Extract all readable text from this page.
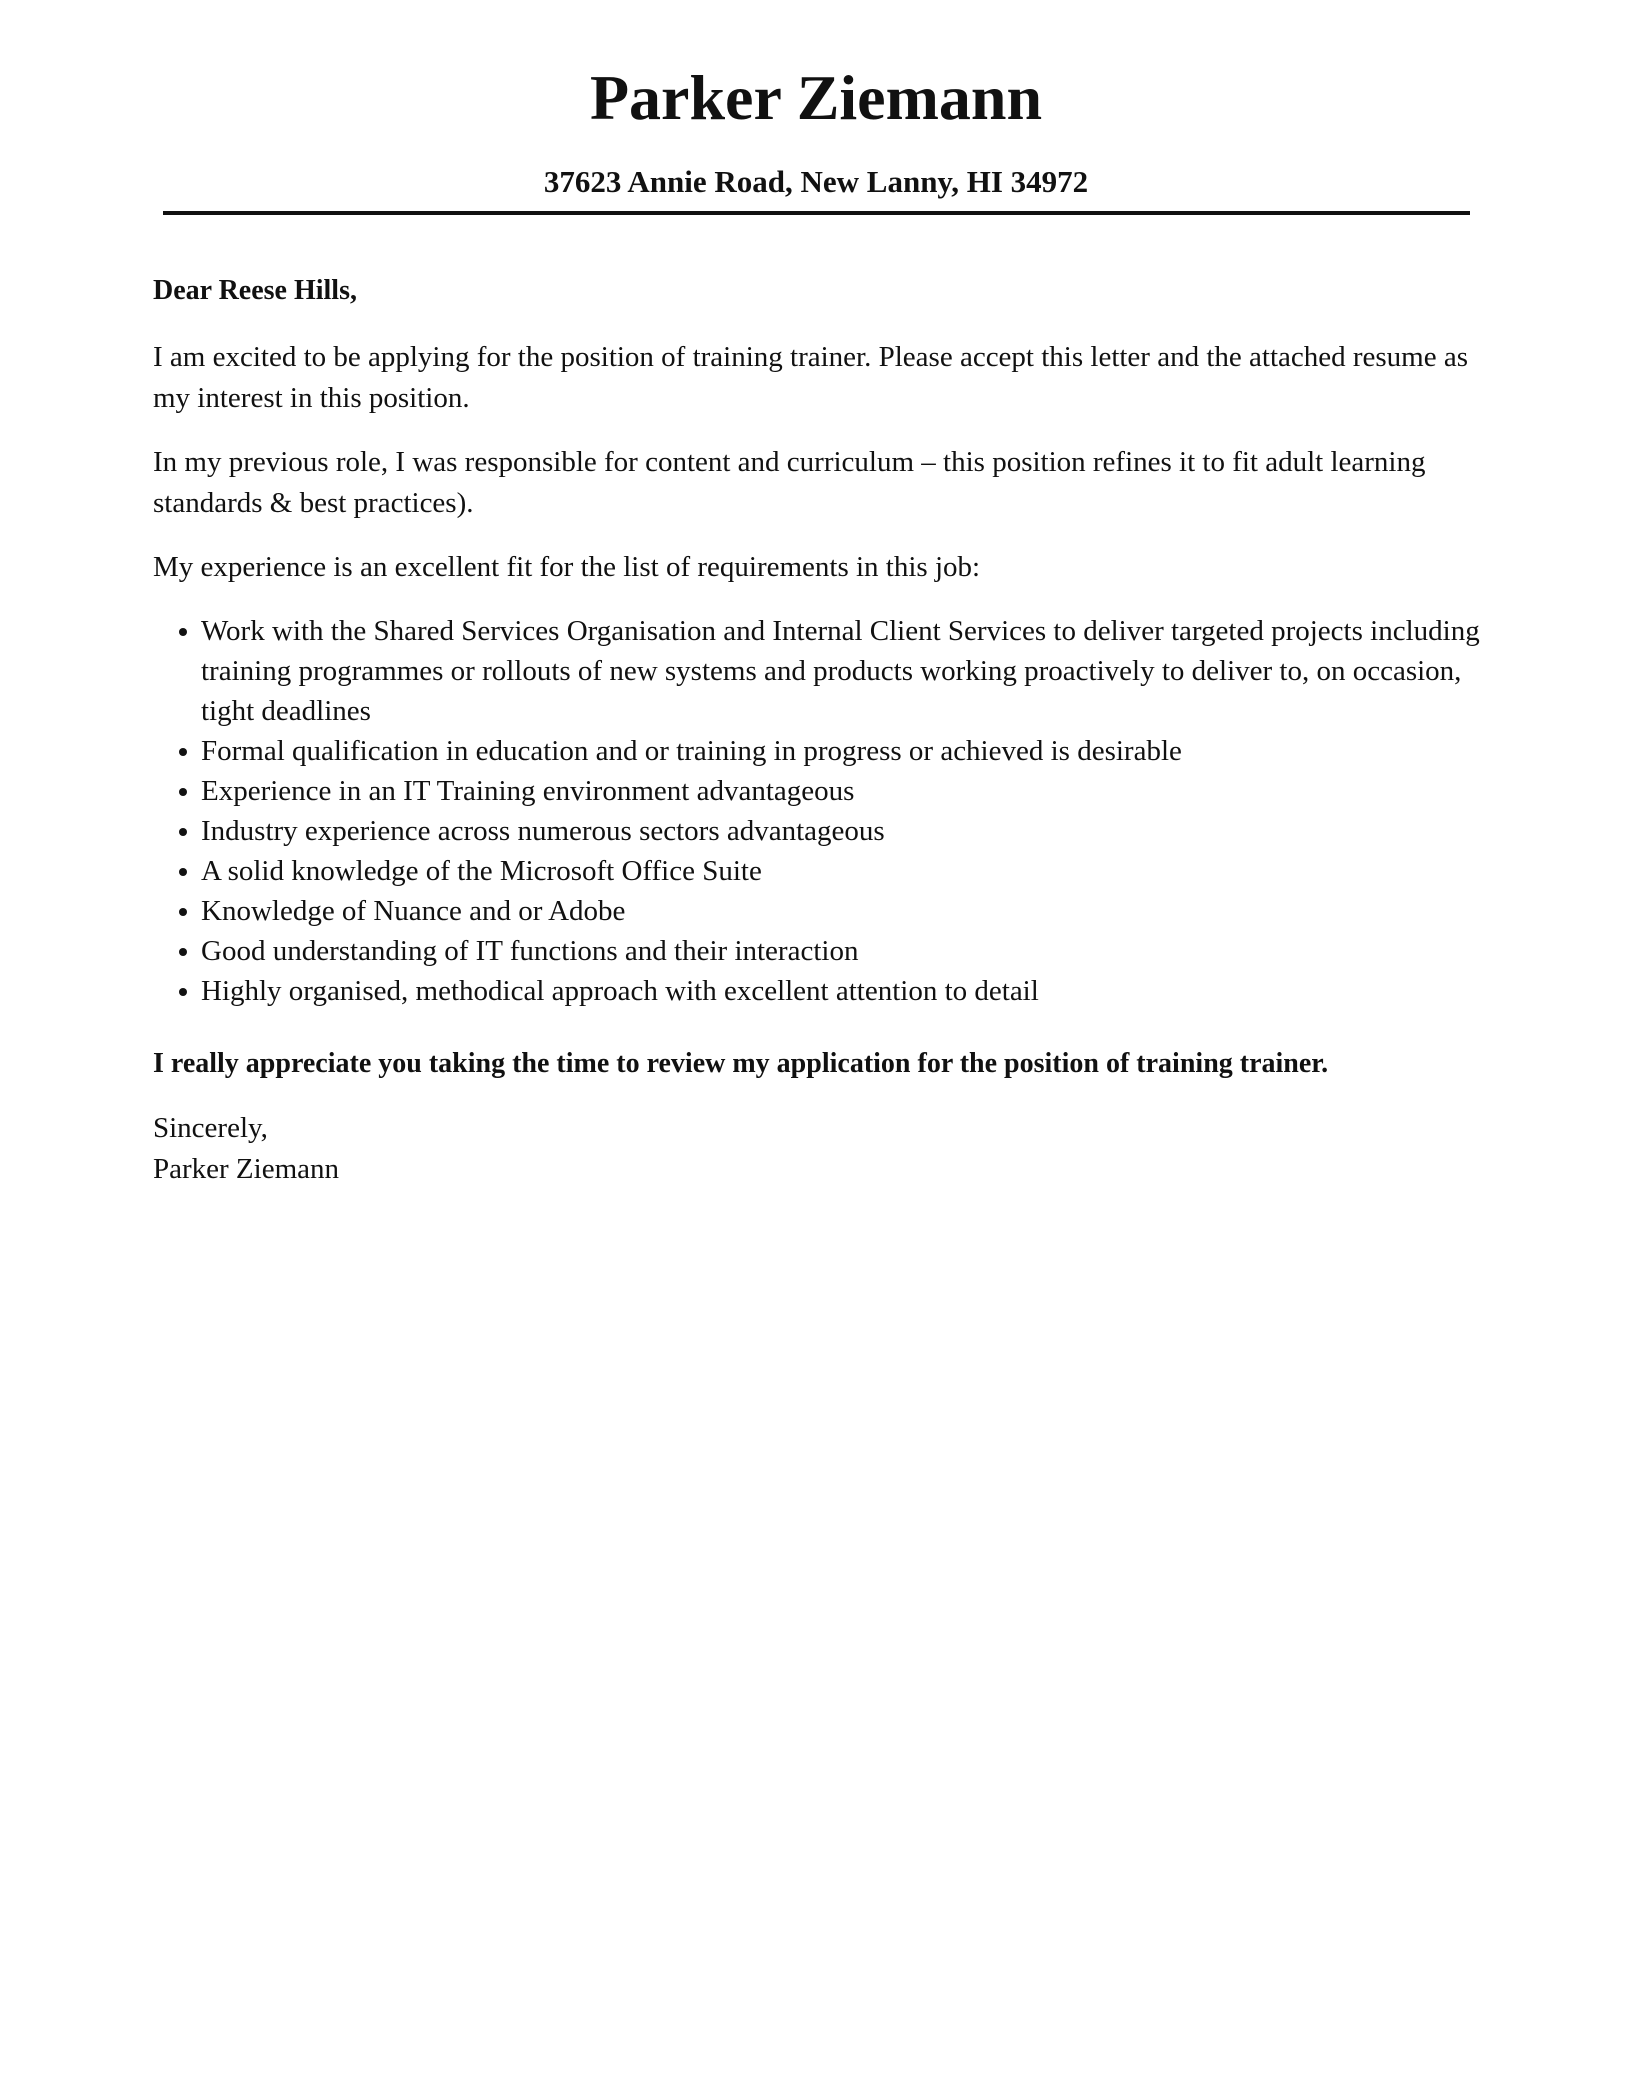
Parker Ziemann
37623 Annie Road, New Lanny, HI 34972

Dear Reese Hills,

I am excited to be applying for the position of training trainer. Please accept this letter and the attached resume as my interest in this position.

In my previous role, I was responsible for content and curriculum – this position refines it to fit adult learning standards & best practices).

My experience is an excellent fit for the list of requirements in this job:

Work with the Shared Services Organisation and Internal Client Services to deliver targeted projects including training programmes or rollouts of new systems and products working proactively to deliver to, on occasion, tight deadlines
Formal qualification in education and or training in progress or achieved is desirable
Experience in an IT Training environment advantageous
Industry experience across numerous sectors advantageous
A solid knowledge of the Microsoft Office Suite
Knowledge of Nuance and or Adobe
Good understanding of IT functions and their interaction
Highly organised, methodical approach with excellent attention to detail

I really appreciate you taking the time to review my application for the position of training trainer.

Sincerely,
Parker Ziemann
